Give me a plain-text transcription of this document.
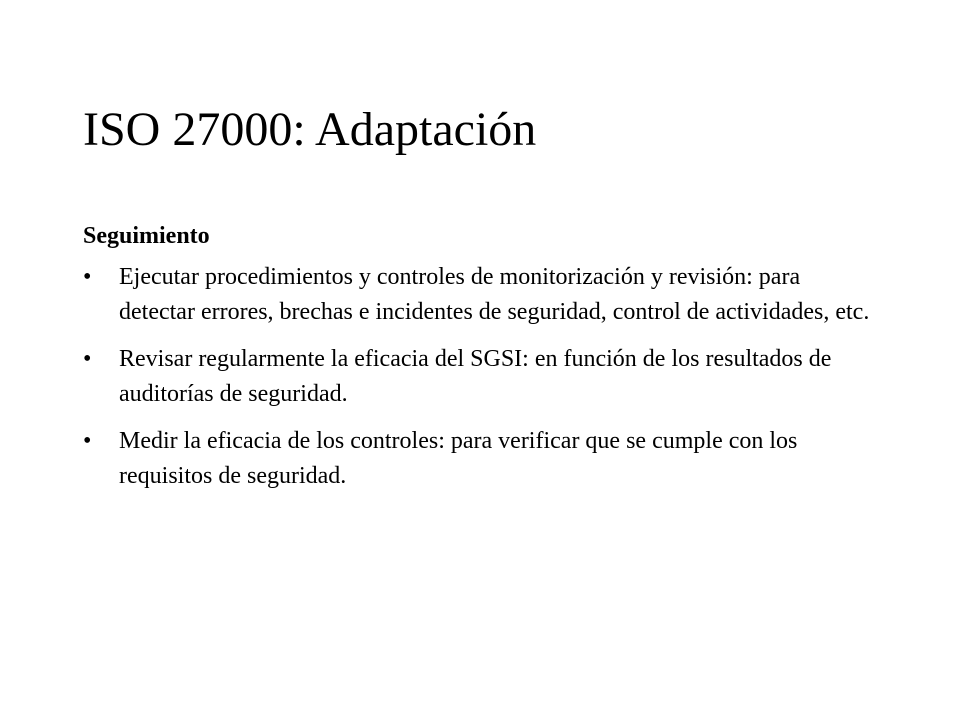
ISO 27000: Adaptación
Seguimiento
•	Ejecutar procedimientos y controles de monitorización y revisión: para detectar errores, brechas e incidentes de seguridad, control de actividades, etc.
•	Revisar regularmente la eficacia del SGSI: en función de los resultados de auditorías de seguridad.
•	Medir la eficacia de los controles: para verificar que se cumple con los requisitos de seguridad.
